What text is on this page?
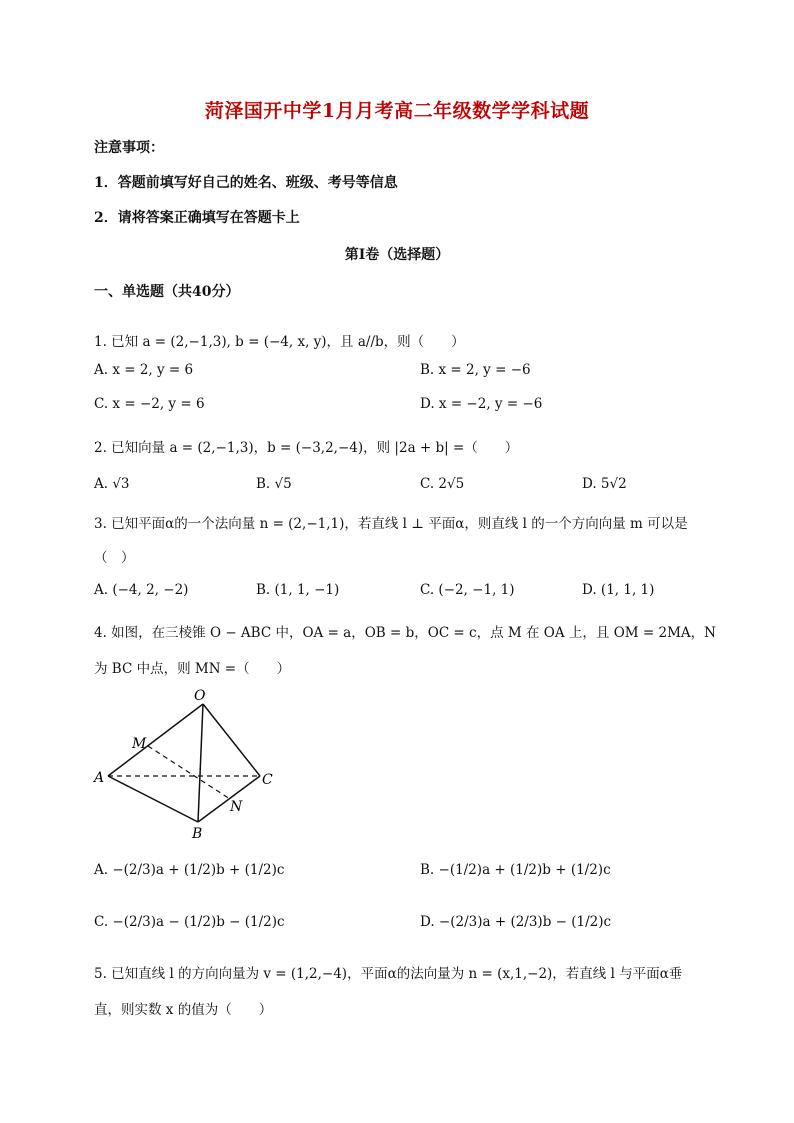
菏泽国开中学1月月考高二年级数学学科试题
注意事项：
1．答题前填写好自己的姓名、班级、考号等信息
2．请将答案正确填写在答题卡上
第I卷（选择题）
一、单选题（共40分）
1. 已知 a = (2,−1,3), b = (−4, x, y)，且 a//b，则（　　）
A. x = 2, y = 6	B. x = 2, y = −6
C. x = −2, y = 6	D. x = −2, y = −6
2. 已知向量 a = (2,−1,3)，b = (−3,2,−4)，则 |2a + b| =（　　）
A. √3	B. √5	C. 2√5	D. 5√2
3. 已知平面α的一个法向量 n = (2,−1,1)，若直线 l ⊥ 平面α，则直线 l 的一个方向向量 m 可以是
（　）
A. (−4, 2, −2)	B. (1, 1, −1)	C. (−2, −1, 1)	D. (1, 1, 1)
4. 如图，在三棱锥 O − ABC 中，OA = a，OB = b，OC = c，点 M 在 OA 上，且 OM = 2MA，N
为 BC 中点，则 MN =（　　）
O
M
A	C
N
B
A. −(2/3)a + (1/2)b + (1/2)c	B. −(1/2)a + (1/2)b + (1/2)c
C. −(2/3)a − (1/2)b − (1/2)c	D. −(2/3)a + (2/3)b − (1/2)c
5. 已知直线 l 的方向向量为 v = (1,2,−4)，平面α的法向量为 n = (x,1,−2)，若直线 l 与平面α垂
直，则实数 x 的值为（　　）
